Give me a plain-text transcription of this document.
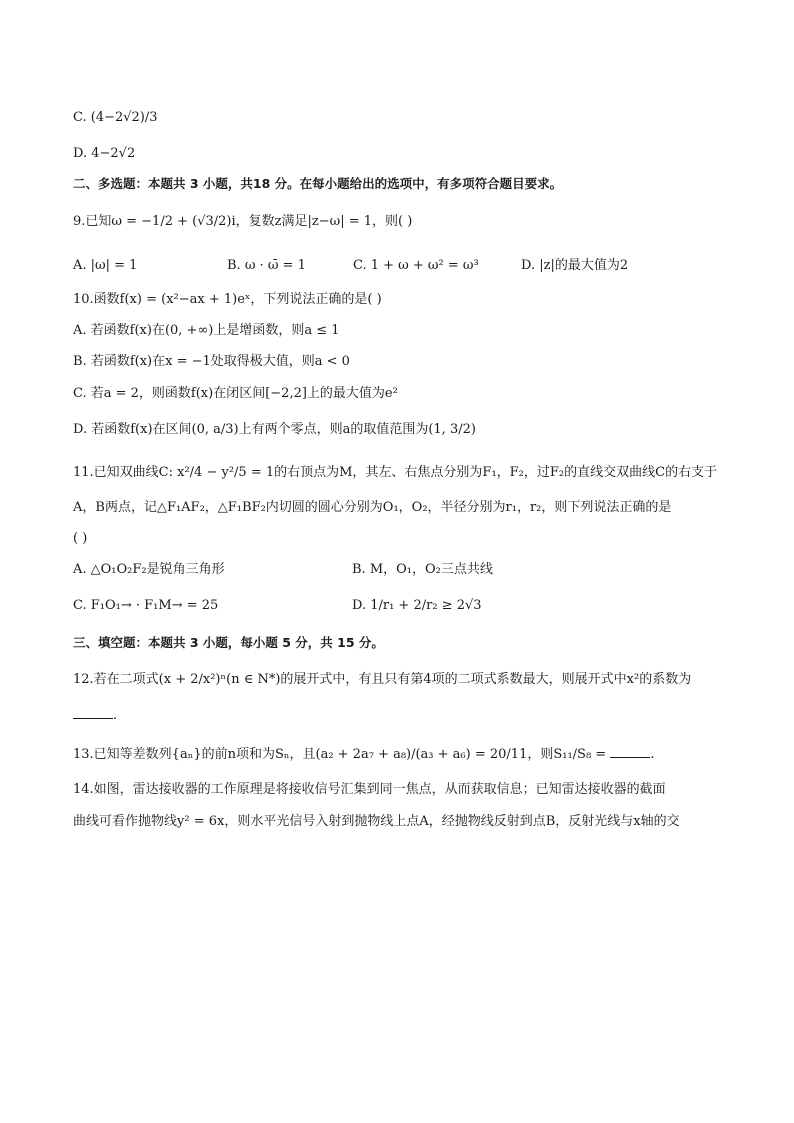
C. (4−2√2)/3
D. 4−2√2
二、多选题：本题共 3 小题，共18 分。在每小题给出的选项中，有多项符合题目要求。
9.已知ω = −1/2 + (√3/2)i，复数z满足|z−ω| = 1，则( )
A. |ω| = 1	B. ω · ω̄ = 1	C. 1 + ω + ω² = ω³	D. |z|的最大值为2
10.函数f(x) = (x²−ax + 1)eˣ，下列说法正确的是( )
A. 若函数f(x)在(0, +∞)上是增函数，则a ≤ 1
B. 若函数f(x)在x = −1处取得极大值，则a < 0
C. 若a = 2，则函数f(x)在闭区间[−2,2]上的最大值为e²
D. 若函数f(x)在区间(0, a/3)上有两个零点，则a的取值范围为(1, 3/2)
11.已知双曲线C: x²/4 − y²/5 = 1的右顶点为M，其左、右焦点分别为F₁，F₂，过F₂的直线交双曲线C的右支于
A，B两点，记△F₁AF₂，△F₁BF₂内切圆的圆心分别为O₁，O₂，半径分别为r₁，r₂，则下列说法正确的是
( )
A. △O₁O₂F₂是锐角三角形	B. M，O₁，O₂三点共线
C. F₁O₁→ · F₁M→ = 25	D. 1/r₁ + 2/r₂ ≥ 2√3
三、填空题：本题共 3 小题，每小题 5 分，共 15 分。
12.若在二项式(x + 2/x²)ⁿ(n ∈ N*)的展开式中，有且只有第4项的二项式系数最大，则展开式中x²的系数为
.
13.已知等差数列{aₙ}的前n项和为Sₙ，且(a₂ + 2a₇ + a₈)/(a₃ + a₆) = 20/11，则S₁₁/S₈ =	.
14.如图，雷达接收器的工作原理是将接收信号汇集到同一焦点，从而获取信息；已知雷达接收器的截面
曲线可看作抛物线y² = 6x，则水平光信号入射到抛物线上点A，经抛物线反射到点B，反射光线与x轴的交
